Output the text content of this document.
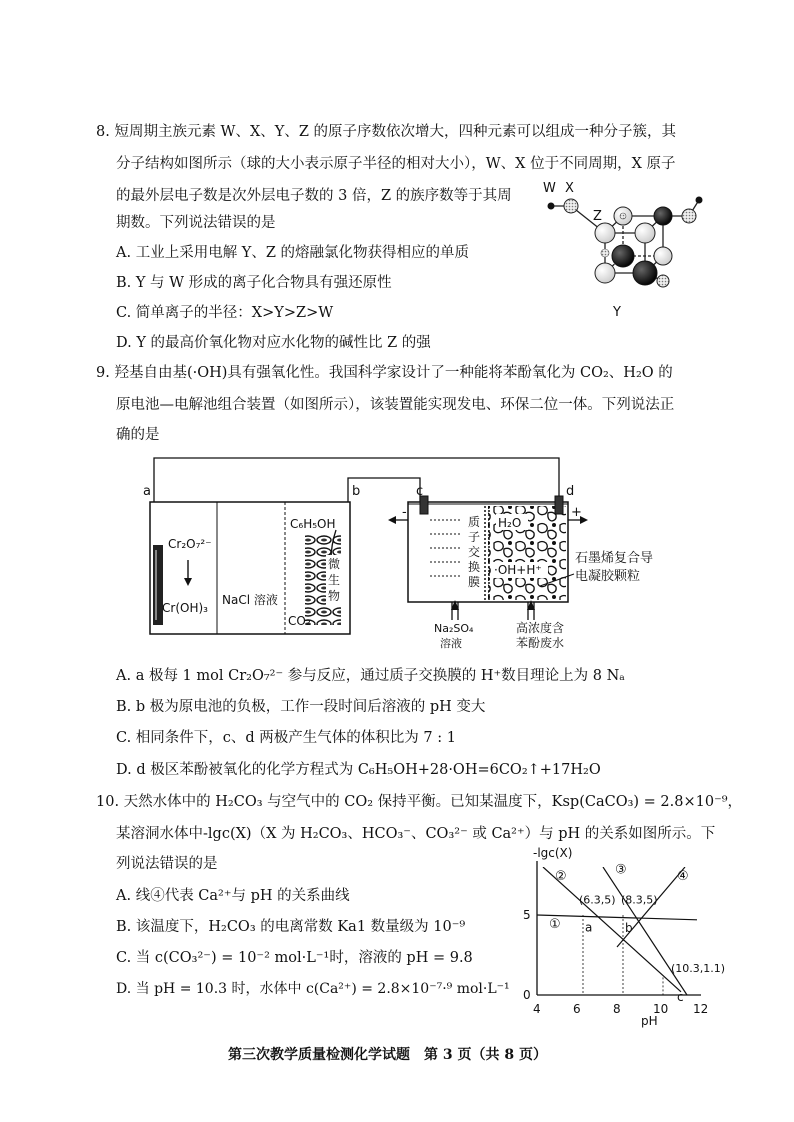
8. 短周期主族元素 W、X、Y、Z 的原子序数依次增大，四种元素可以组成一种分子簇，其
分子结构如图所示（球的大小表示原子半径的相对大小），W、X 位于不同周期，X 原子
的最外层电子数是次外层电子数的 3 倍，Z 的族序数等于其周
期数。下列说法错误的是
A. 工业上采用电解 Y、Z 的熔融氯化物获得相应的单质
B. Y 与 W 形成的离子化合物具有强还原性
C. 简单离子的半径：X>Y>Z>W
D. Y 的最高价氧化物对应水化物的碱性比 Z 的强
W X
Z
Y
9. 羟基自由基(·OH)具有强氧化性。我国科学家设计了一种能将苯酚氧化为 CO₂、H₂O 的
原电池—电解池组合装置（如图所示），该装置能实现发电、环保二位一体。下列说法正
确的是
a	b
Cr₂O₇²⁻
Cr(OH)₃
NaCl 溶液
C₆H₅OH
微
生
物
CO₂
c	d
-	+
质
子
交
换
膜
H₂O
·OH+H⁺
石墨烯复合导
电凝胶颗粒
Na₂SO₄
溶液
高浓度含
苯酚废水
A. a 极每 1 mol Cr₂O₇²⁻ 参与反应，通过质子交换膜的 H⁺数目理论上为 8 Nₐ
B. b 极为原电池的负极，工作一段时间后溶液的 pH 变大
C. 相同条件下，c、d 两极产生气体的体积比为 7 : 1
D. d 极区苯酚被氧化的化学方程式为 C₆H₅OH+28·OH=6CO₂↑+17H₂O
10. 天然水体中的 H₂CO₃ 与空气中的 CO₂ 保持平衡。已知某温度下，Ksp(CaCO₃) = 2.8×10⁻⁹，
某溶洞水体中-lgc(X)（X 为 H₂CO₃、HCO₃⁻、CO₃²⁻ 或 Ca²⁺）与 pH 的关系如图所示。下
列说法错误的是
A. 线④代表 Ca²⁺与 pH 的关系曲线
B. 该温度下，H₂CO₃ 的电离常数 Ka1 数量级为 10⁻⁹
C. 当 c(CO₃²⁻) = 10⁻² mol·L⁻¹时，溶液的 pH = 9.8
D. 当 pH = 10.3 时，水体中 c(Ca²⁺) = 2.8×10⁻⁷·⁹ mol·L⁻¹
-lgc(X)
pH
4	6	8	10 12
0
5
①
②	③	④
(6.3,5) (8.3,5)
(10.3,1.1)
a	b
c
第三次教学质量检测化学试题　第 3 页（共 8 页）
